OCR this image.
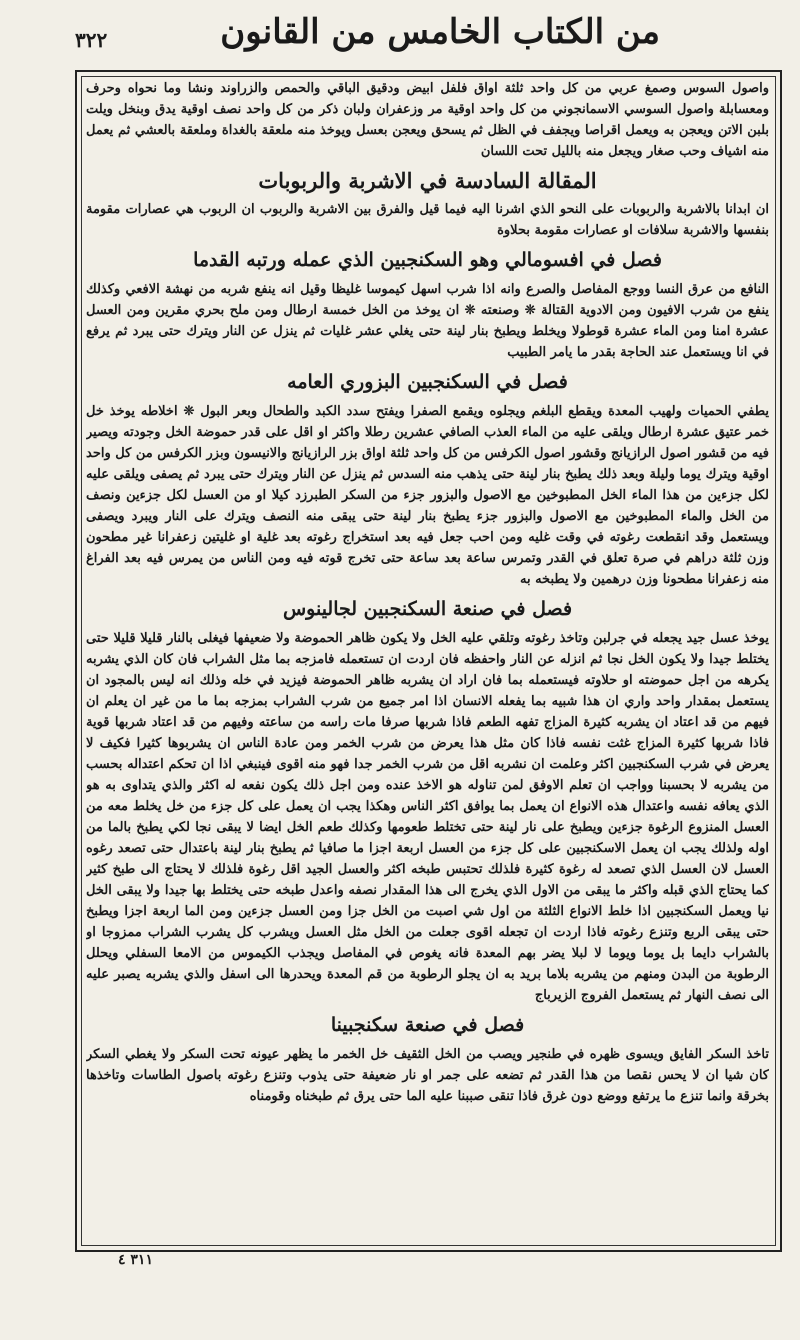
٣٢٢	من الكتاب الخامس من القانون

واصول السوس وصمغ عربي من كل واحد ثلثة اواق فلفل ابيض ودقيق الباقي والحمص والزراوند ونشا وما نحواه وحرف ومعسابلة واصول السوسي الاسمانجوني من كل واحد اوقية مر وزعفران ولبان ذكر من كل واحد نصف اوقية يدق وبنخل ويلت بلبن الاتن ويعجن به ويعمل اقراصا ويجفف في الظل ثم يسحق ويعجن بعسل ويوخذ منه ملعقة بالغداة وملعقة بالعشي ثم يعمل منه اشياف وحب صغار ويجعل منه بالليل تحت اللسان

المقالة السادسة في الاشربة والربوبات

ان ابدانا بالاشربة والربوبات على النحو الذي اشرنا اليه فيما قيل والفرق بين الاشربة والربوب ان الربوب هي عصارات مقومة بنفسها والاشربة سلافات او عصارات مقومة بحلاوة

فصل في افسومالي وهو السكنجبين الذي عمله ورتبه القدما

النافع من عرق النسا ووجع المفاصل والصرع وانه اذا شرب اسهل كيموسا غليظا وقيل انه ينفع شربه من نهشة الافعي وكذلك ينفع من شرب الافيون ومن الادوية القتالة ❊ وصنعته ❊ ان يوخذ من الخل خمسة ارطال ومن ملح بحري مقرين ومن العسل عشرة امنا ومن الماء عشرة قوطولا ويخلط ويطبخ بنار لينة حتى يغلي عشر غليات ثم ينزل عن النار ويترك حتى يبرد ثم يرفع في انا ويستعمل عند الحاجة بقدر ما يامر الطبيب

فصل في السكنجبين البزوري العامه

يطفي الحميات ولهيب المعدة ويقطع البلغم ويجلوه ويقمع الصفرا ويفتح سدد الكبد والطحال وبعر البول ❊ اخلاطه يوخذ خل خمر عتيق عشرة ارطال ويلقى عليه من الماء العذب الصافي عشرين رطلا واكثر او اقل على قدر حموضة الخل وجودته ويصير فيه من قشور اصول الرازيانج وقشور اصول الكرفس من كل واحد ثلثة اواق بزر الرازيانج والانيسون وبزر الكرفس من كل واحد اوقية ويترك يوما وليلة وبعد ذلك يطبخ بنار لينة حتى يذهب منه السدس ثم ينزل عن النار ويترك حتى يبرد ثم يصفى ويلقى عليه لكل جزءين من هذا الماء الخل المطبوخين مع الاصول والبزور جزء من السكر الطبرزد كيلا او من العسل لكل جزءين ونصف من الخل والماء المطبوخين مع الاصول والبزور جزء يطبخ بنار لينة حتى يبقى منه النصف ويترك على النار ويبرد ويصفى ويستعمل وقد انقطعت رغوته في وقت غليه ومن احب جعل فيه بعد استخراج رغوته بعد غلية او غليتين زعفرانا غير مطحون وزن ثلثة دراهم في صرة تعلق في القدر وتمرس ساعة بعد ساعة حتى تخرج قوته فيه ومن الناس من يمرس فيه بعد الفراغ منه زعفرانا مطحونا وزن درهمين ولا يطبخه به

فصل في صنعة السكنجبين لجالينوس

يوخذ عسل جيد يجعله في جرلبن وتاخذ رغوته وتلقي عليه الخل ولا يكون ظاهر الحموضة ولا ضعيفها فيغلى بالنار قليلا قليلا حتى يختلط جيدا ولا يكون الخل نجا ثم انزله عن النار واحفظه فان اردت ان تستعمله فامزجه بما مثل الشراب فان كان الذي يشربه يكرهه من اجل حموضته او حلاوته فيستعمله بما فان اراد ان يشربه ظاهر الحموضة فيزيد في خله وذلك انه ليس بالمجود ان يستعمل بمقدار واحد واري ان هذا شبيه بما يفعله الانسان اذا امر جميع من شرب الشراب بمزجه بما ما من غير ان يعلم ان فيهم من قد اعتاد ان يشربه كثيرة المزاج تفهه الطعم فاذا شربها صرفا مات راسه من ساعته وفيهم من قد اعتاد شربها قوية فاذا شربها كثيرة المزاج غثت نفسه فاذا كان مثل هذا يعرض من شرب الخمر ومن عادة الناس ان يشربوها كثيرا فكيف لا يعرض في شرب السكنجبين اكثر وعلمت ان نشربه اقل من شرب الخمر جدا فهو منه اقوى فينبغي اذا ان تحكم اعتداله بحسب من يشربه لا بحسبنا وواجب ان تعلم الاوفق لمن تناوله هو الاخذ عنده ومن اجل ذلك يكون نفعه له اكثر والذي يتداوى به هو الذي يعافه نفسه واعتدال هذه الانواع ان يعمل بما يوافق اكثر الناس وهكذا يجب ان يعمل على كل جزء من خل يخلط معه من العسل المنزوع الرغوة جزءين ويطبخ على نار لينة حتى تختلط طعومها وكذلك طعم الخل ايضا لا يبقى نجا لكي يطبخ بالما من اوله ولذلك يجب ان يعمل الاسكنجبين على كل جزء من العسل اربعة اجزا ما صافيا ثم يطبخ بنار لينة باعتدال حتى تصعد رغوه العسل لان العسل الذي تصعد له رغوة كثيرة فلذلك تحتبس طبخه اكثر والعسل الجيد اقل رغوة فلذلك لا يحتاج الى طبخ كثير كما يحتاج الذي قبله واكثر ما يبقى من الاول الذي يخرج الى هذا المقدار نصفه واعدل طبخه حتى يختلط بها جيدا ولا يبقى الخل نيا ويعمل السكنجبين اذا خلط الانواع الثلثة من اول شي اصبت من الخل جزا ومن العسل جزءين ومن الما اربعة اجزا ويطبخ حتى يبقى الربع وتنزع رغوته فاذا اردت ان تجعله اقوى جعلت من الخل مثل العسل ويشرب كل يشرب الشراب ممزوجا او بالشراب دايما بل يوما ويوما لا لبلا يضر بهم المعدة فانه يغوص في المفاصل ويجذب الكيموس من الامعا السفلي ويحلل الرطوبة من البدن ومنهم من يشربه بلاما بريد به ان يجلو الرطوبة من قم المعدة ويحدرها الى اسفل والذي يشربه يصبر عليه الى نصف النهار ثم يستعمل الفروج الزيرباج

فصل في صنعة سكنجبينا

تاخذ السكر الفايق ويسوى ظهره في طنجير ويصب من الخل الثقيف خل الخمر ما يظهر عيونه تحت السكر ولا يغطي السكر كان شيا ان لا يحس نقصا من هذا القدر ثم تضعه على جمر او نار ضعيفة حتى يذوب وتنزع رغوته باصول الطاسات وتاخذها بخرقة وانما تنزع ما يرتفع ووضع دون غرق فاذا تنقى صببنا عليه الما حتى يرق ثم طبخناه وقومناه

٣١١ ٤
